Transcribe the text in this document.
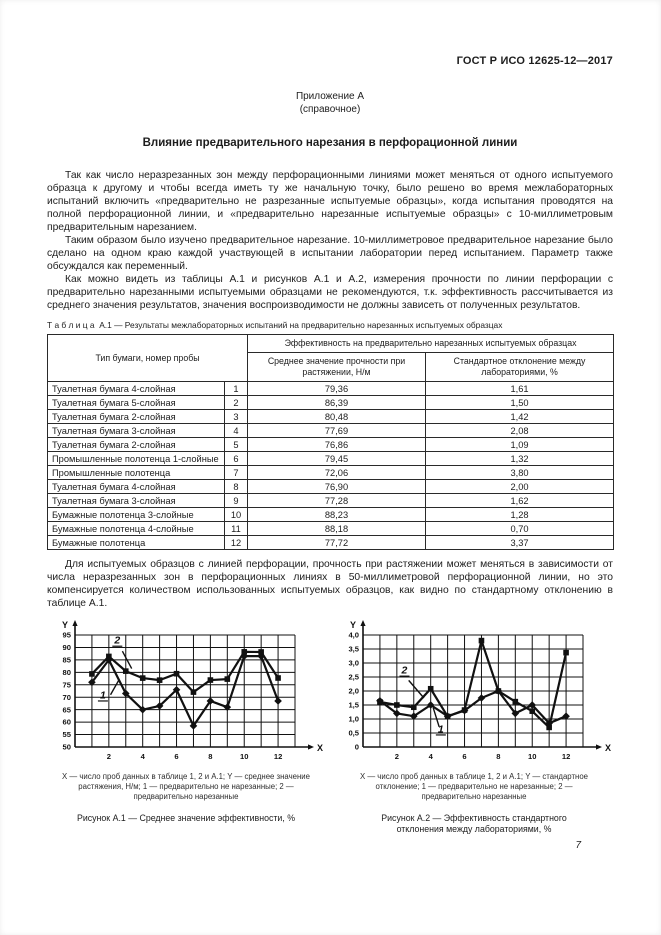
ГОСТ Р ИСО 12625-12—2017
Приложение А
(справочное)
Влияние предварительного нарезания в перфорационной линии

Так как число неразрезанных зон между перфорационными линиями может меняться от одного испытуемого образца к другому и чтобы всегда иметь ту же начальную точку, было решено во время межлабораторных испытаний включить «предварительно не разрезанные испытуемые образцы», когда испытания проводятся на полной перфорационной линии, и «предварительно нарезанные испытуемые образцы» с 10-миллиметровым предварительным нарезанием.

Таким образом было изучено предварительное нарезание. 10-миллиметровое предварительное нарезание было сделано на одном краю каждой участвующей в испытании лаборатории перед испытанием. Параметр также обсуждался как переменный.

Как можно видеть из таблицы А.1 и рисунков А.1 и А.2, измерения прочности по линии перфорации с предварительно нарезанными испытуемыми образцами не рекомендуются, т.к. эффективность рассчитывается из среднего значения результатов, значения воспроизводимости не должны зависеть от полученных результатов.

Т а б л и ц а  А.1 — Результаты межлабораторных испытаний на предварительно нарезанных испытуемых образцах
Тип бумаги, номер пробы		Эффективность на предварительно нарезанных испытуемых образцах	
		Среднее значение прочности при растяжении, Н/м	Стандартное отклонение между лабораториями, %
Туалетная бумага 4-слойная	1	79,36	1,61
Туалетная бумага 5-слойная	2	86,39	1,50
Туалетная бумага 2-слойная	3	80,48	1,42
Туалетная бумага 3-слойная	4	77,69	2,08
Туалетная бумага 2-слойная	5	76,86	1,09
Промышленные полотенца 1-слойные	6	79,45	1,32
Промышленные полотенца	7	72,06	3,80
Туалетная бумага 4-слойная	8	76,90	2,00
Туалетная бумага 3-слойная	9	77,28	1,62
Бумажные полотенца 3-слойные	10	88,23	1,28
Бумажные полотенца 4-слойные	11	88,18	0,70
Бумажные полотенца	12	77,72	3,37

Для испытуемых образцов с линией перфорации, прочность при растяжении может меняться в зависимости от числа неразрезанных зон в перфорационных линиях в 50-миллиметровой перфорационной линии, но это компенсируется количеством использованных испытуемых образцов, как видно по стандартному отклонению в таблице А.1.

Y
X
95
90
85
80
75
70
65
60
55
50
2	4	6	8	10	12
2
1
X — число проб данных в таблице 1, 2 и А.1; Y — среднее значение растяжения, Н/м; 1 — предварительно не нарезанные; 2 — предварительно нарезанные
Рисунок А.1 — Среднее значение эффективности, %
Y
X
4,0
3,5
3,0
2,5
2,0
1,5
1,0
0,5
0
2	4	6	8	10	12
2
1
X — число проб данных в таблице 1, 2 и А.1; Y — стандартное отклонение; 1 — предварительно не нарезанные; 2 — предварительно нарезанные
Рисунок А.2 — Эффективность стандартного отклонения между лабораториями, %
7
